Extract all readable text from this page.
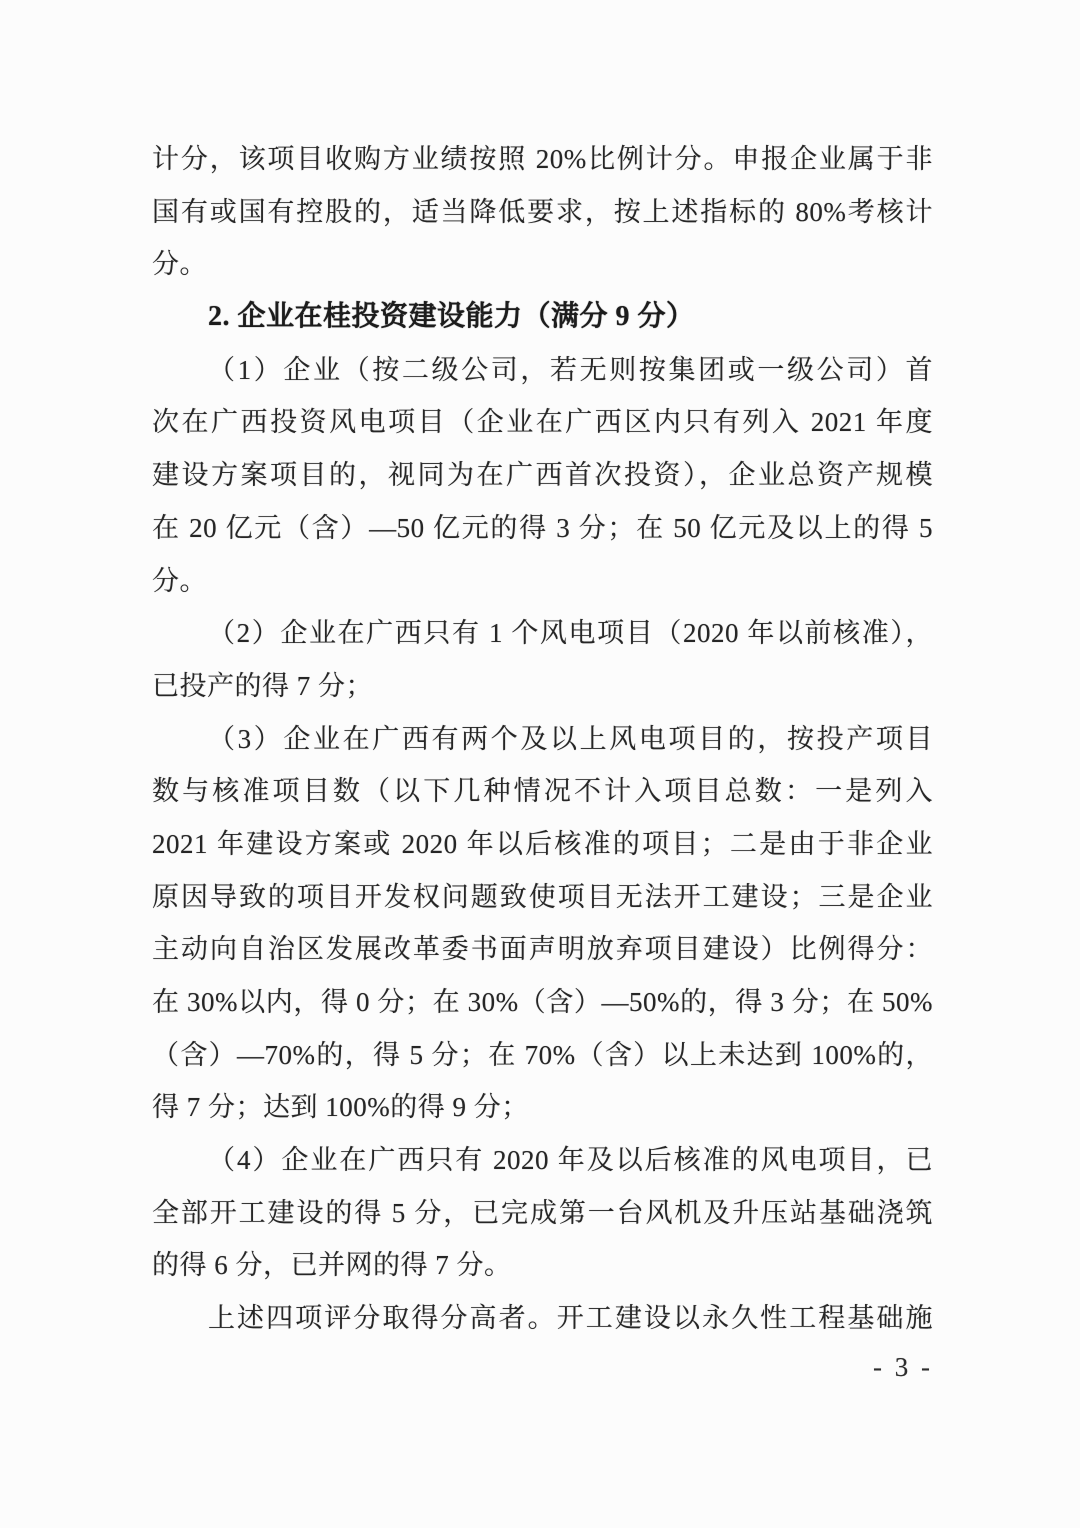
计分，该项目收购方业绩按照 20%比例计分。申报企业属于非
国有或国有控股的，适当降低要求，按上述指标的 80%考核计
分。
2. 企业在桂投资建设能力（满分 9 分）
（1）企业（按二级公司，若无则按集团或一级公司）首
次在广西投资风电项目（企业在广西区内只有列入 2021 年度
建设方案项目的，视同为在广西首次投资），企业总资产规模
在 20 亿元（含）—50 亿元的得 3 分；在 50 亿元及以上的得 5
分。
（2）企业在广西只有 1 个风电项目（2020 年以前核准），
已投产的得 7 分；
（3）企业在广西有两个及以上风电项目的，按投产项目
数与核准项目数（以下几种情况不计入项目总数：一是列入
2021 年建设方案或 2020 年以后核准的项目；二是由于非企业
原因导致的项目开发权问题致使项目无法开工建设；三是企业
主动向自治区发展改革委书面声明放弃项目建设）比例得分：
在 30%以内，得 0 分；在 30%（含）—50%的，得 3 分；在 50%
（含）—70%的，得 5 分；在 70%（含）以上未达到 100%的，
得 7 分；达到 100%的得 9 分；
（4）企业在广西只有 2020 年及以后核准的风电项目，已
全部开工建设的得 5 分，已完成第一台风机及升压站基础浇筑
的得 6 分，已并网的得 7 分。
上述四项评分取得分高者。开工建设以永久性工程基础施
- 3 -
